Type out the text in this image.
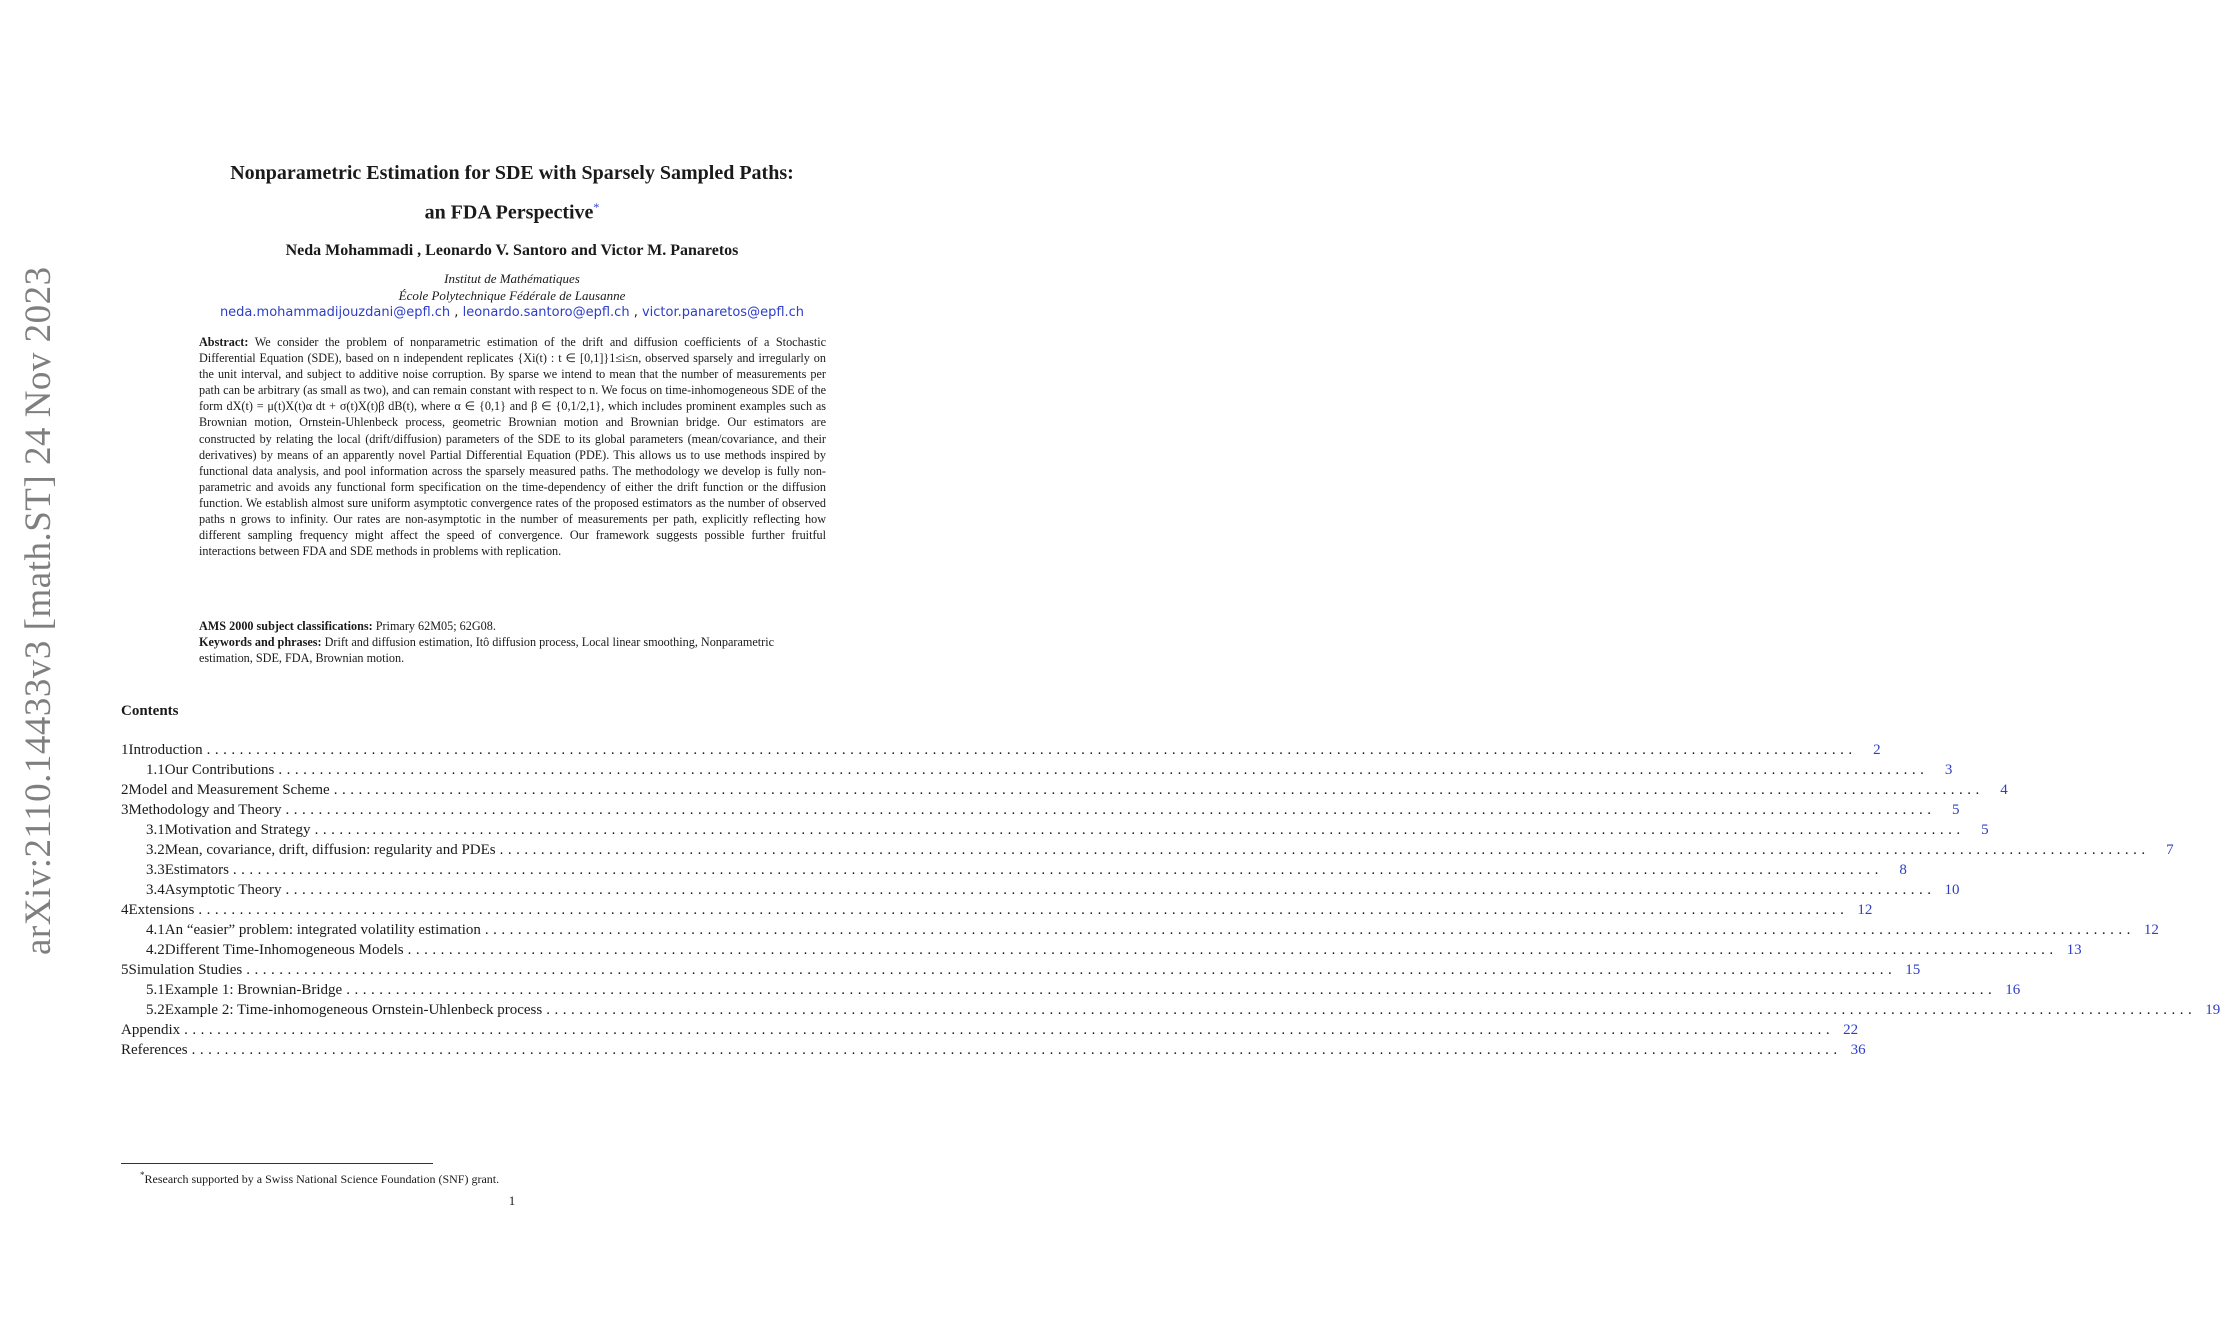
arXiv:2110.14433v3 [math.ST] 24 Nov 2023
Nonparametric Estimation for SDE with Sparsely Sampled Paths:
an FDA Perspective*
Neda Mohammadi , Leonardo V. Santoro and Victor M. Panaretos
Institut de Mathématiques
École Polytechnique Fédérale de Lausanne
neda.mohammadijouzdani@epfl.ch , leonardo.santoro@epfl.ch , victor.panaretos@epfl.ch
Abstract: We consider the problem of nonparametric estimation of the drift and diffusion coefficients of a Stochastic Differential Equation (SDE), based on n independent replicates {Xi(t) : t ∈ [0,1]}1≤i≤n, observed sparsely and irregularly on the unit interval, and subject to additive noise corruption. By sparse we intend to mean that the number of measurements per path can be arbitrary (as small as two), and can remain constant with respect to n. We focus on time-inhomogeneous SDE of the form dX(t) = μ(t)X(t)α dt + σ(t)X(t)β dB(t), where α ∈ {0,1} and β ∈ {0,1/2,1}, which includes prominent examples such as Brownian motion, Ornstein-Uhlenbeck process, geometric Brownian motion and Brownian bridge. Our estimators are constructed by relating the local (drift/diffusion) parameters of the SDE to its global parameters (mean/covariance, and their derivatives) by means of an apparently novel Partial Differential Equation (PDE). This allows us to use methods inspired by functional data analysis, and pool information across the sparsely measured paths. The methodology we develop is fully non-parametric and avoids any functional form specification on the time-dependency of either the drift function or the diffusion function. We establish almost sure uniform asymptotic convergence rates of the proposed estimators as the number of observed paths n grows to infinity. Our rates are non-asymptotic in the number of measurements per path, explicitly reflecting how different sampling frequency might affect the speed of convergence. Our framework suggests possible further fruitful interactions between FDA and SDE methods in problems with replication.
AMS 2000 subject classifications: Primary 62M05; 62G08.
Keywords and phrases: Drift and diffusion estimation, Itô diffusion process, Local linear smoothing, Nonparametric estimation, SDE, FDA, Brownian motion.
Contents
1 Introduction ........................................................................................................................................................................................................	2
1.1 Our Contributions ........................................................................................................................................................................................................	3
2 Model and Measurement Scheme ........................................................................................................................................................................................................	4
3 Methodology and Theory ........................................................................................................................................................................................................	5
3.1 Motivation and Strategy ........................................................................................................................................................................................................	5
3.2 Mean, covariance, drift, diffusion: regularity and PDEs ........................................................................................................................................................................................................	7
3.3 Estimators ........................................................................................................................................................................................................	8
3.4 Asymptotic Theory ........................................................................................................................................................................................................ 10
4 Extensions ........................................................................................................................................................................................................ 12
4.1 An “easier” problem: integrated volatility estimation ........................................................................................................................................................................................................ 12
4.2 Different Time-Inhomogeneous Models ........................................................................................................................................................................................................ 13
5 Simulation Studies ........................................................................................................................................................................................................ 15
5.1 Example 1: Brownian-Bridge ........................................................................................................................................................................................................ 16
5.2 Example 2: Time-inhomogeneous Ornstein-Uhlenbeck process ........................................................................................................................................................................................................ 19
Appendix ........................................................................................................................................................................................................ 22
References ........................................................................................................................................................................................................ 36
*Research supported by a Swiss National Science Foundation (SNF) grant.
1
